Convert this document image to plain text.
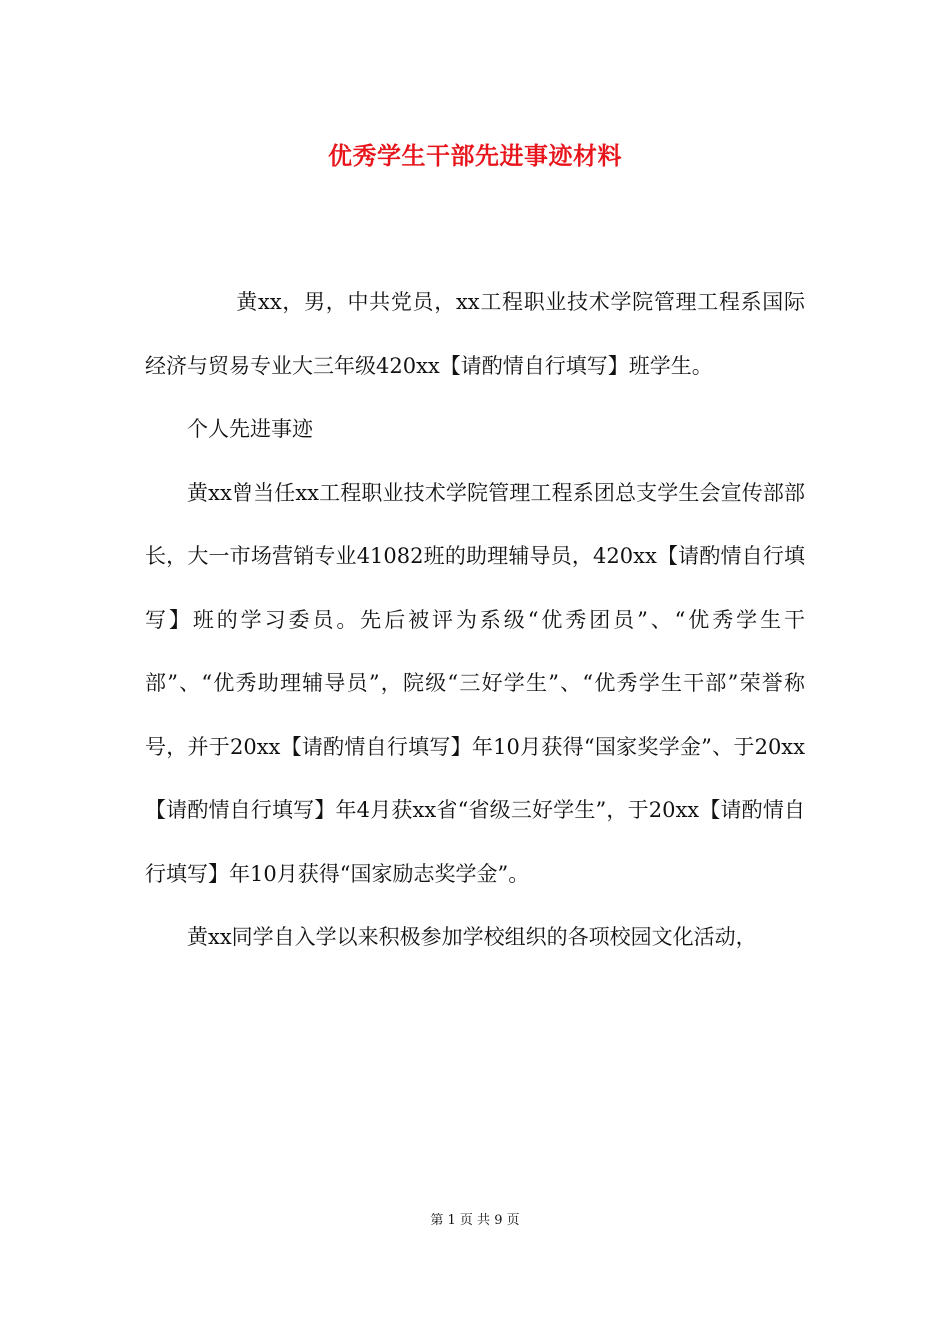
优秀学生干部先进事迹材料

黄xx，男，中共党员，xx工程职业技术学院管理工程系国际经济与贸易专业大三年级420xx【请酌情自行填写】班学生。

个人先进事迹

黄xx曾当任xx工程职业技术学院管理工程系团总支学生会宣传部部长，大一市场营销专业41082班的助理辅导员，420xx【请酌情自行填写】班的学习委员。先后被评为系级“优秀团员”、“优秀学生干部”、“优秀助理辅导员”，院级“三好学生”、“优秀学生干部”荣誉称号，并于20xx【请酌情自行填写】年10月获得“国家奖学金”、于20xx【请酌情自行填写】年4月获xx省“省级三好学生”，于20xx【请酌情自行填写】年10月获得“国家励志奖学金”。

黄xx同学自入学以来积极参加学校组织的各项校园文化活动，

第 1 页 共 9 页
